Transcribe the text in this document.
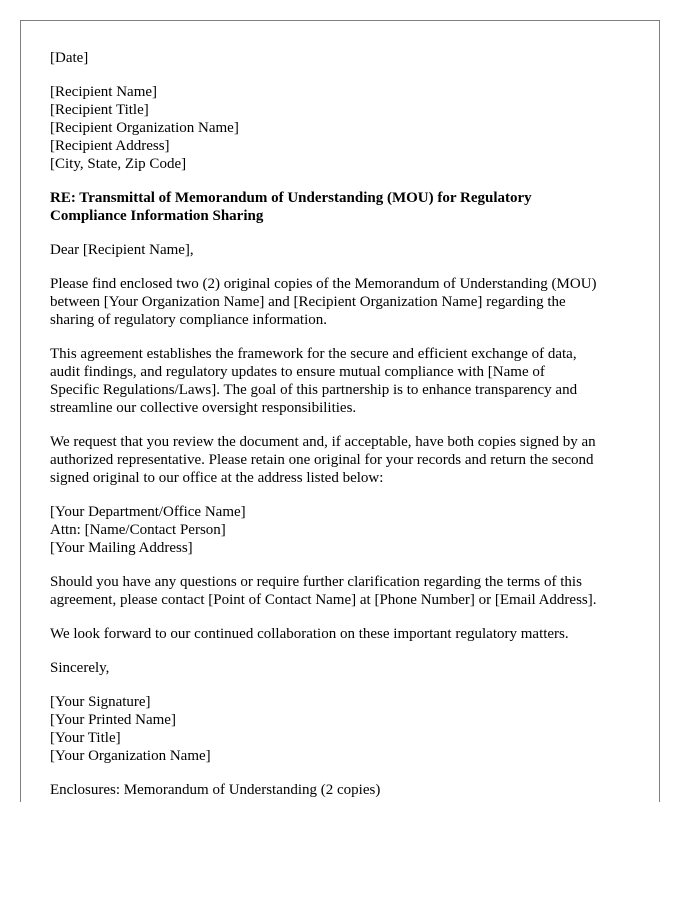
[Date]
[Recipient Name]
[Recipient Title]
[Recipient Organization Name]
[Recipient Address]
[City, State, Zip Code]
RE: Transmittal of Memorandum of Understanding (MOU) for Regulatory
Compliance Information Sharing
Dear [Recipient Name],
Please find enclosed two (2) original copies of the Memorandum of Understanding (MOU)
between [Your Organization Name] and [Recipient Organization Name] regarding the
sharing of regulatory compliance information.
This agreement establishes the framework for the secure and efficient exchange of data,
audit findings, and regulatory updates to ensure mutual compliance with [Name of
Specific Regulations/Laws]. The goal of this partnership is to enhance transparency and
streamline our collective oversight responsibilities.
We request that you review the document and, if acceptable, have both copies signed by an
authorized representative. Please retain one original for your records and return the second
signed original to our office at the address listed below:
[Your Department/Office Name]
Attn: [Name/Contact Person]
[Your Mailing Address]
Should you have any questions or require further clarification regarding the terms of this
agreement, please contact [Point of Contact Name] at [Phone Number] or [Email Address].
We look forward to our continued collaboration on these important regulatory matters.
Sincerely,
[Your Signature]
[Your Printed Name]
[Your Title]
[Your Organization Name]
Enclosures: Memorandum of Understanding (2 copies)
